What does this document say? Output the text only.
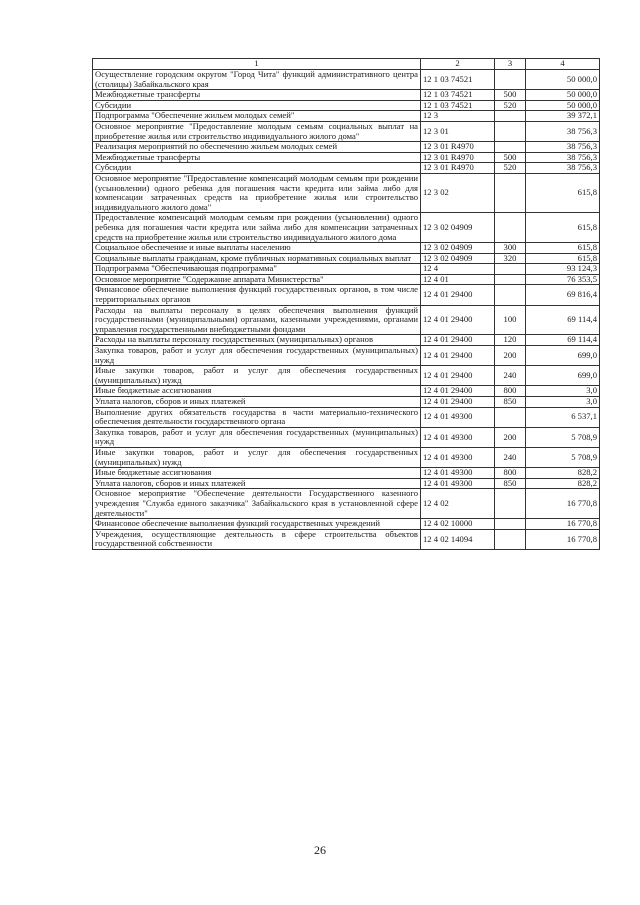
1	2	3	4
Осуществление городским округом "Город Чита" функций административного центра (столицы) Забайкальского края	12 1 03 74521		50 000,0
Межбюджетные трансферты	12 1 03 74521	500	50 000,0
Субсидии	12 1 03 74521	520	50 000,0
Подпрограмма "Обеспечение жильем молодых семей"	12 3		39 372,1
Основное мероприятие "Предоставление молодым семьям социальных выплат на приобретение жилья или строительство индивидуального жилого дома"	12 3 01		38 756,3
Реализация мероприятий по обеспечению жильем молодых семей	12 3 01 R4970		38 756,3
Межбюджетные трансферты	12 3 01 R4970	500	38 756,3
Субсидии	12 3 01 R4970	520	38 756,3
Основное мероприятие "Предоставление компенсаций молодым семьям при рождении (усыновлении) одного ребенка для погашения части кредита или займа либо для компенсации затраченных средств на приобретение жилья или строительство индивидуального жилого дома"	12 3 02		615,8
Предоставление компенсаций молодым семьям при рождении (усыновлении) одного ребенка для погашения части кредита или займа либо для компенсации затраченных средств на приобретение жилья или строительство индивидуального жилого дома	12 3 02 04909		615,8
Социальное обеспечение и иные выплаты населению	12 3 02 04909	300	615,8
Социальные выплаты гражданам, кроме публичных нормативных социальных выплат	12 3 02 04909	320	615,8
Подпрограмма "Обеспечивающая подпрограмма"	12 4		93 124,3
Основное мероприятие "Содержание аппарата Министерства"	12 4 01		76 353,5
Финансовое обеспечение выполнения функций государственных органов, в том числе территориальных органов	12 4 01 29400		69 816,4
Расходы на выплаты персоналу в целях обеспечения выполнения функций государственными (муниципальными) органами, казенными учреждениями, органами управления государственными внебюджетными фондами	12 4 01 29400	100	69 114,4
Расходы на выплаты персоналу государственных (муниципальных) органов	12 4 01 29400	120	69 114,4
Закупка товаров, работ и услуг для обеспечения государственных (муниципальных) нужд	12 4 01 29400	200	699,0
Иные закупки товаров, работ и услуг для обеспечения государственных (муниципальных) нужд	12 4 01 29400	240	699,0
Иные бюджетные ассигнования	12 4 01 29400	800	3,0
Уплата налогов, сборов и иных платежей	12 4 01 29400	850	3,0
Выполнение других обязательств государства в части материально-технического обеспечения деятельности государственного органа	12 4 01 49300		6 537,1
Закупка товаров, работ и услуг для обеспечения государственных (муниципальных) нужд	12 4 01 49300	200	5 708,9
Иные закупки товаров, работ и услуг для обеспечения государственных (муниципальных) нужд	12 4 01 49300	240	5 708,9
Иные бюджетные ассигнования	12 4 01 49300	800	828,2
Уплата налогов, сборов и иных платежей	12 4 01 49300	850	828,2
Основное мероприятие "Обеспечение деятельности Государственного казенного учреждения "Служба единого заказчика" Забайкальского края в установленной сфере деятельности"	12 4 02		16 770,8
Финансовое обеспечение выполнения функций государственных учреждений	12 4 02 10000		16 770,8
Учреждения, осуществляющие деятельность в сфере строительства объектов государственной собственности	12 4 02 14094		16 770,8
26
